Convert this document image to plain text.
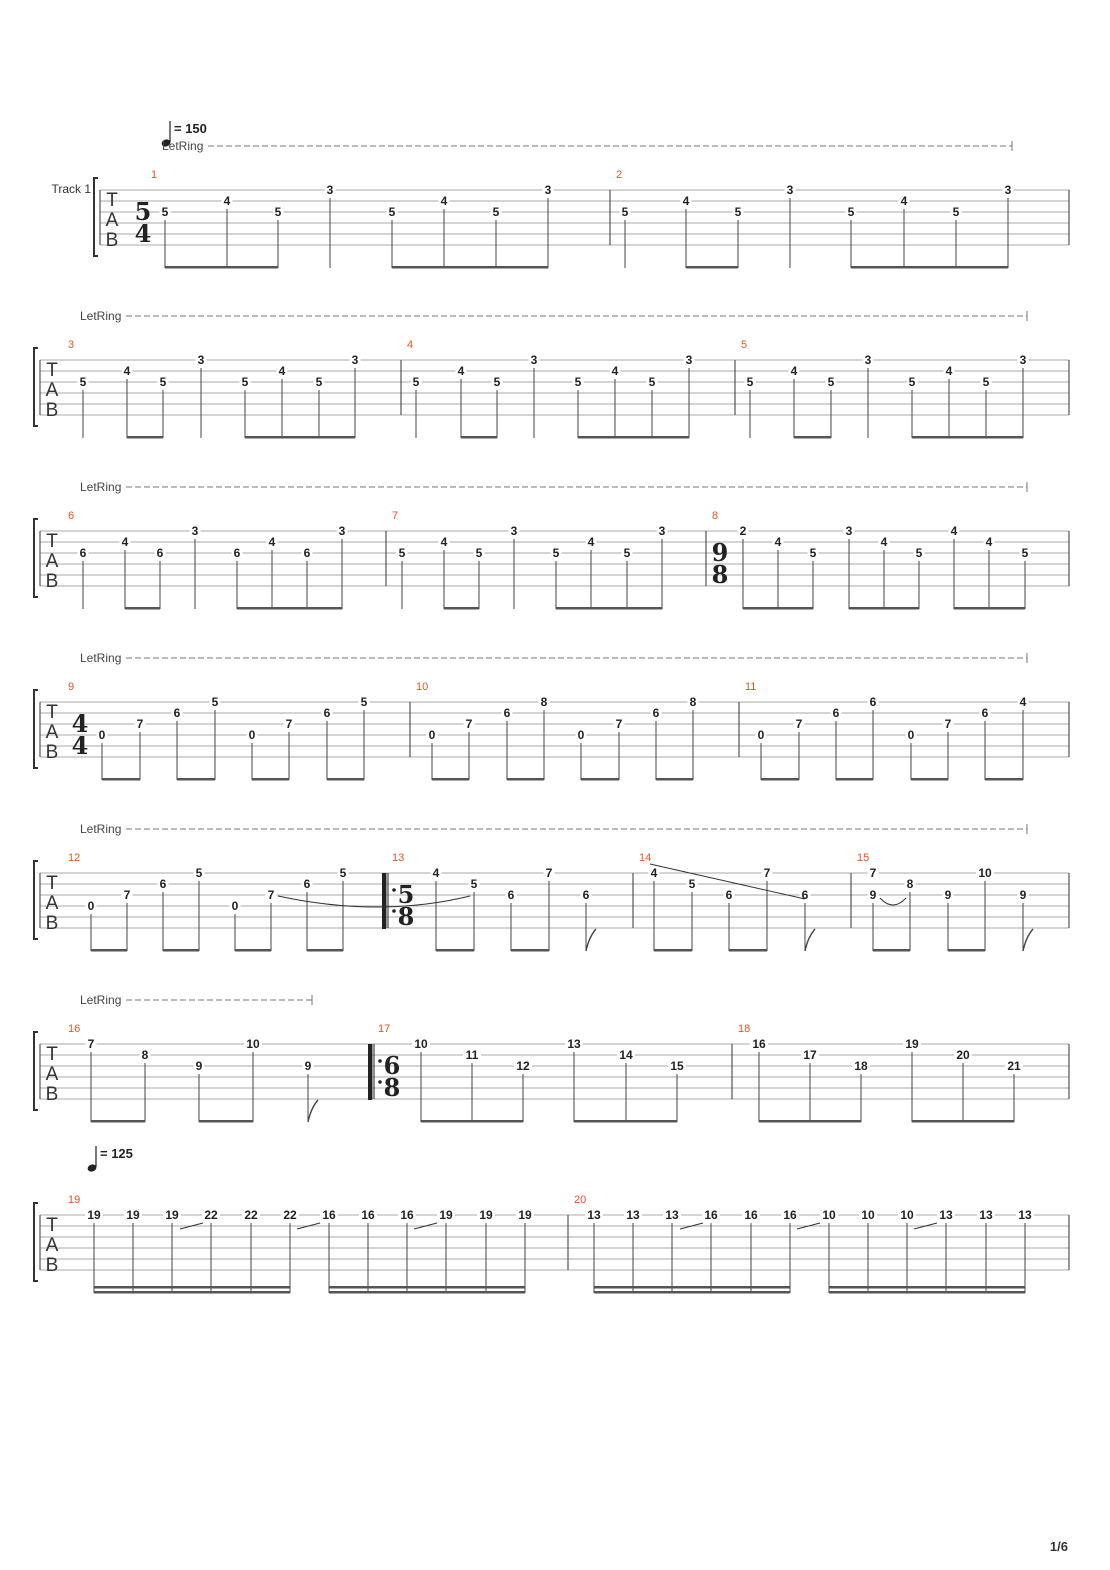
T
A
B
Track 1
= 150
LetRing
1
5
4
5
4
5
3
5
4
5
3
2
5
4
5
3
5
4
5
3
T
A
B
LetRing
3
5
4
5
3
5
4
5
3
4
5
4
5
3
5
4
5
3
5
5
4
5
3
5
4
5
3
T
A
B
LetRing
6
6
4
6
3
6
4
6
3
7
5
4
5
3
5
4
5
3
8
9
8
2
4
5
3
4
5
4
4
5
T
A
B
LetRing
9
4
4 0
7
6
5
0
7
6
5
10
0
7
6
8
0
7
6
8
11
0
7
6
6
0
7
6
4
T
A
B
LetRing
12
0
7
6
5
0
7
6
5
13
5
8
4
5
6
7
6
14
4
5
6
7
6
15
7
9
8
9
10
9
T
A
B
LetRing
16
7
8
9
10
9
17
6
8
10
11
12
13
14
15
18
16
17
18
19
20
21
T
A
B
= 125
19
19 19 19 22 22 22 16 16 16 19 19 19
20
13 13 13 16 16 16 10 10 10 13 13 13
1/6
